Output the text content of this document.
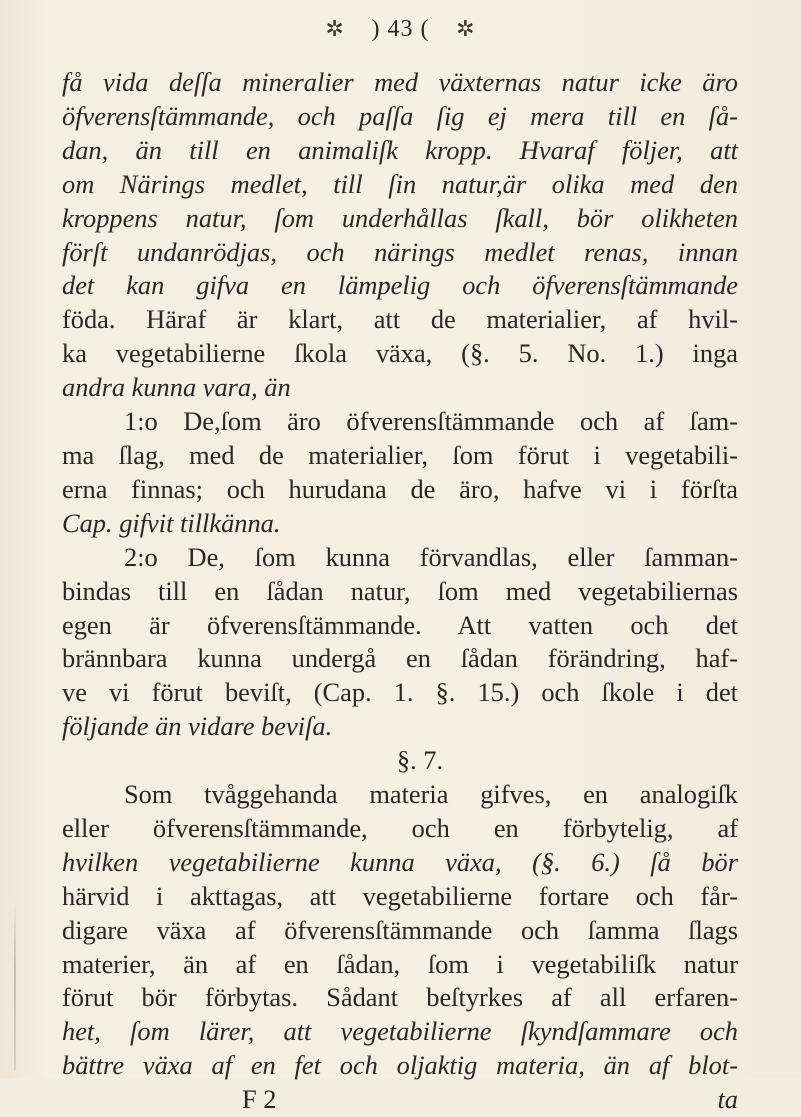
✲ ) 43 ( ✲
få vida deſſa mineralier med växternas natur icke äro
öfverensſtämmande, och paſſa ſig ej mera till en ſå-
dan, än till en animaliſk kropp. Hvaraf följer, att
om Närings medlet, till ſin natur,är olika med den
kroppens natur, ſom underhållas ſkall, bör olikheten
förſt undanrödjas, och närings medlet renas, innan
det kan gifva en lämpelig och öfverensſtämmande
föda. Häraf är klart, att de materialier, af hvil-
ka vegetabilierne ſkola växa, (§. 5. No. 1.) inga
andra kunna vara, än
1:o De,ſom äro öfverensſtämmande och af ſam-
ma ſlag, med de materialier, ſom förut i vegetabili-
erna finnas; och hurudana de äro, hafve vi i förſta
Cap. gifvit tillkänna.
2:o De, ſom kunna förvandlas, eller ſamman-
bindas till en ſådan natur, ſom med vegetabiliernas
egen är öfverensſtämmande. Att vatten och det
brännbara kunna undergå en ſådan förändring, haf-
ve vi förut beviſt, (Cap. 1. §. 15.) och ſkole i det
följande än vidare beviſa.
§. 7.
Som tvåggehanda materia gifves, en analogiſk
eller öfverensſtämmande, och en förbytelig, af
hvilken vegetabilierne kunna växa, (§. 6.) ſå bör
härvid i akttagas, att vegetabilierne fortare och får-
digare växa af öfverensſtämmande och ſamma ſlags
materier, än af en ſådan, ſom i vegetabiliſk natur
förut bör förbytas. Sådant beſtyrkes af all erfaren-
het, ſom lärer, att vegetabilierne ſkyndſammare och
bättre växa af en fet och oljaktig materia, än af blot-
F 2	ta
